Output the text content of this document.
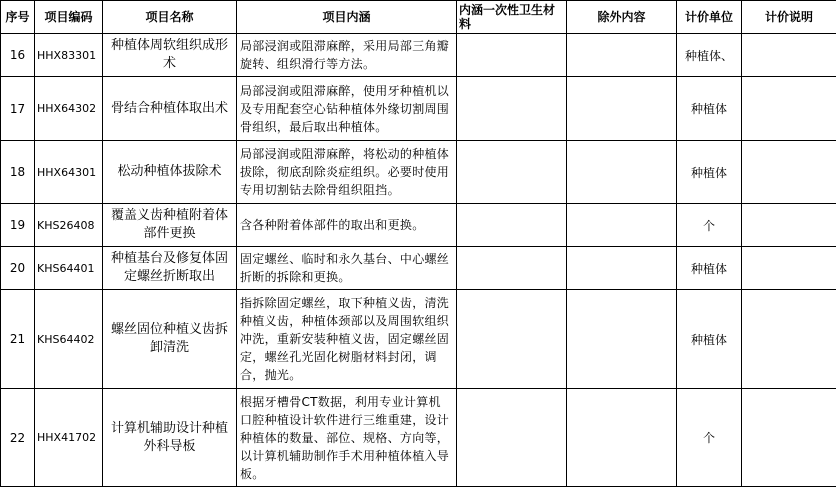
序号	项目编码	项目名称	项目内涵	内涵一次性卫生材料	除外内容	计价单位	计价说明
16	HHX83301	种植体周软组织成形术	局部浸润或阻滞麻醉，采用局部三角瓣旋转、组织滑行等方法。			种植体、	
17	HHX64302	骨结合种植体取出术	局部浸润或阻滞麻醉，使用牙种植机以及专用配套空心钻种植体外缘切割周围骨组织，最后取出种植体。			种植体	
18	HHX64301	松动种植体拔除术	局部浸润或阻滞麻醉，将松动的种植体拔除，彻底刮除炎症组织。必要时使用专用切割钻去除骨组织阻挡。			种植体	
19	KHS26408	覆盖义齿种植附着体部件更换	含各种附着体部件的取出和更换。			个	
20	KHS64401	种植基台及修复体固定螺丝折断取出	固定螺丝、临时和永久基台、中心螺丝折断的拆除和更换。			种植体	
21	KHS64402	螺丝固位种植义齿拆卸清洗	指拆除固定螺丝，取下种植义齿，清洗种植义齿，种植体颈部以及周围软组织冲洗，重新安装种植义齿，固定螺丝固定，螺丝孔光固化树脂材料封闭，调合，抛光。			种植体	
22	HHX41702	计算机辅助设计种植外科导板	根据牙槽骨CT数据，利用专业计算机口腔种植设计软件进行三维重建，设计种植体的数量、部位、规格、方向等，以计算机辅助制作手术用种植体植入导板。			个	
